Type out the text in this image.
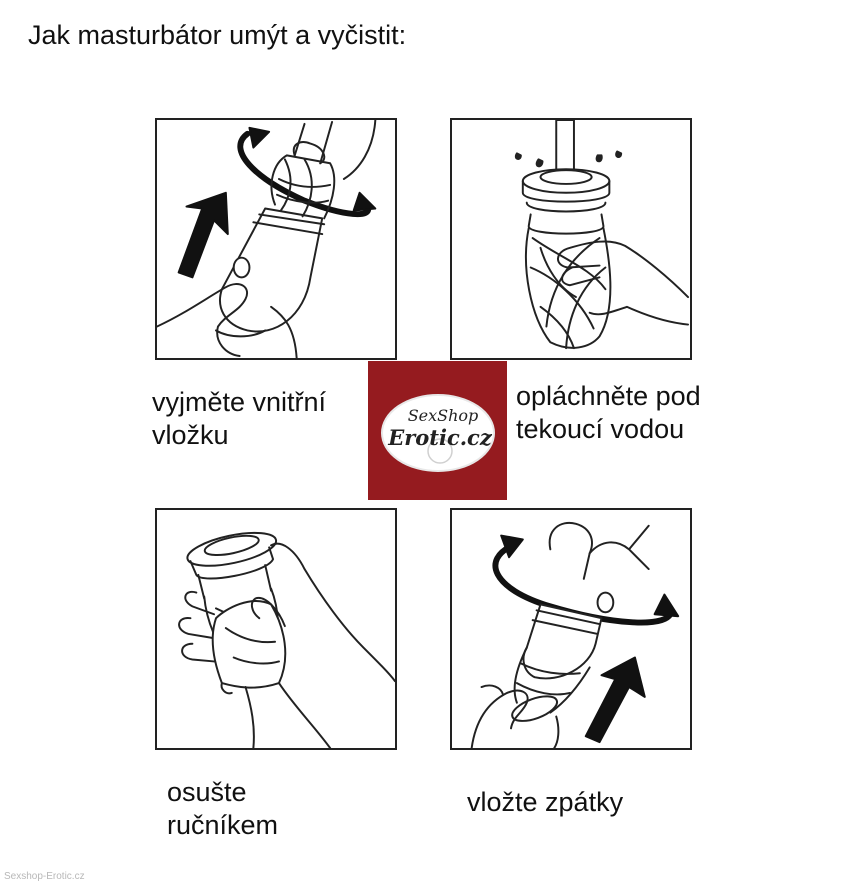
Jak masturbátor umýt a vyčistit:
vyjměte vnitřní
vložku
opláchněte pod
tekoucí vodou
osušte
ručníkem
vložte zpátky
SexShop
Erotic.cz
Sexshop-Erotic.cz
